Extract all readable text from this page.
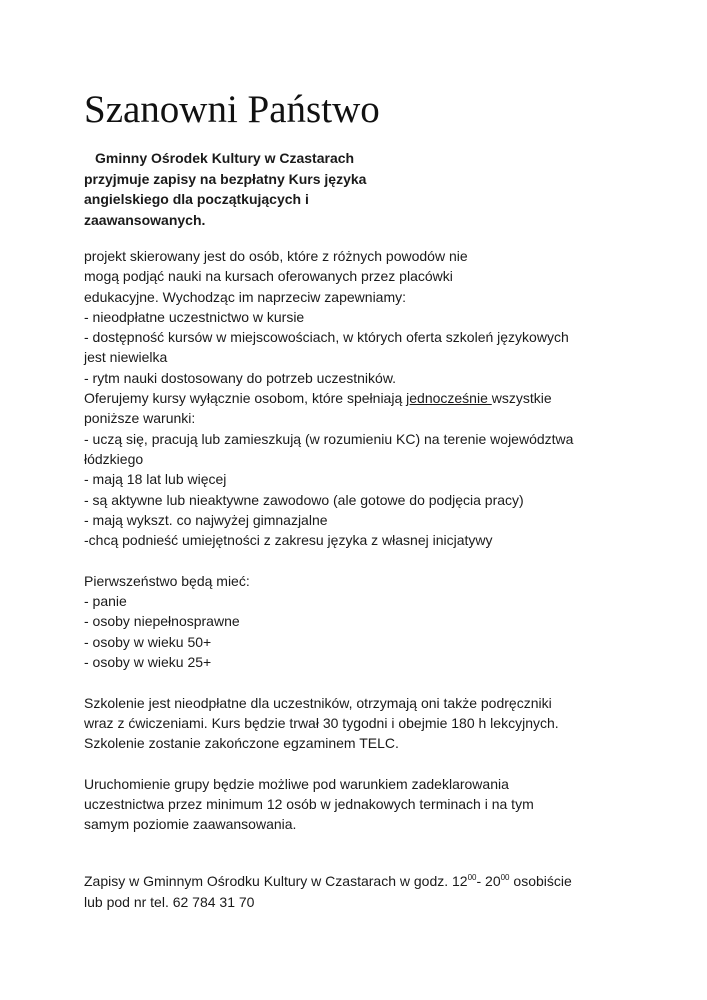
Szanowni Państwo
Gminny Ośrodek Kultury w Czastarach
przyjmuje zapisy na bezpłatny Kurs języka
angielskiego dla początkujących i
zaawansowanych.
projekt skierowany jest do osób, które z różnych powodów nie
mogą podjąć nauki na kursach oferowanych przez placówki
edukacyjne. Wychodząc im naprzeciw zapewniamy:
- nieodpłatne uczestnictwo w kursie
- dostępność kursów w miejscowościach, w których oferta szkoleń językowych
jest niewielka
- rytm nauki dostosowany do potrzeb uczestników.
Oferujemy kursy wyłącznie osobom, które spełniają jednocześnie wszystkie
poniższe warunki:
- uczą się, pracują lub zamieszkują (w rozumieniu KC) na terenie województwa
łódzkiego
- mają 18 lat lub więcej
- są aktywne lub nieaktywne zawodowo (ale gotowe do podjęcia pracy)
- mają wykszt. co najwyżej gimnazjalne
-chcą podnieść umiejętności z zakresu języka z własnej inicjatywy
Pierwszeństwo będą mieć:
- panie
- osoby niepełnosprawne
- osoby w wieku 50+
- osoby w wieku 25+
Szkolenie jest nieodpłatne dla uczestników, otrzymają oni także podręczniki
wraz z ćwiczeniami. Kurs będzie trwał 30 tygodni i obejmie 180 h lekcyjnych.
Szkolenie zostanie zakończone egzaminem TELC.
Uruchomienie grupy będzie możliwe pod warunkiem zadeklarowania
uczestnictwa przez minimum 12 osób w jednakowych terminach i na tym
samym poziomie zaawansowania.
Zapisy w Gminnym Ośrodku Kultury w Czastarach w godz. $12^{00}-$ $20^{00}$ osobiście
lub pod nr tel. 62 784 31 70
